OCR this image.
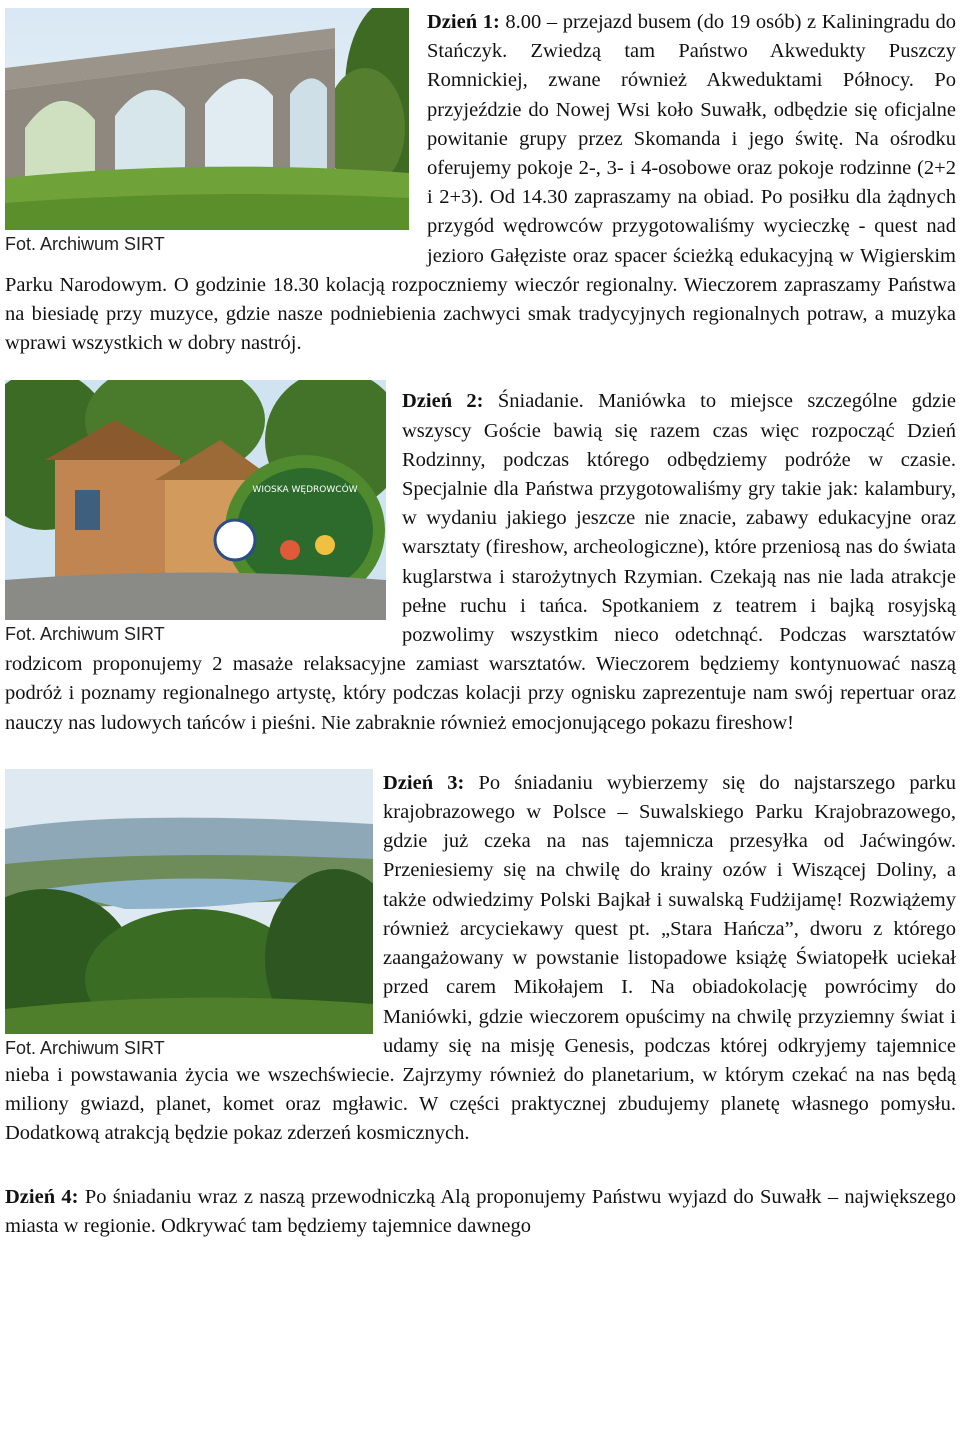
Fot. Archiwum SIRT

Dzień 1: 8.00 – przejazd busem (do 19 osób) z Kaliningradu do Stańczyk. Zwiedzą tam Państwo Akwedukty Puszczy Romnickiej, zwane również Akweduktami Północy. Po przyjeździe do Nowej Wsi koło Suwałk, odbędzie się oficjalne powitanie grupy przez Skomanda i jego świtę. Na ośrodku oferujemy pokoje 2-, 3- i 4-osobowe oraz pokoje rodzinne (2+2 i 2+3). Od 14.30 zapraszamy na obiad. Po posiłku dla żądnych przygód wędrowców przygotowaliśmy wycieczkę - quest nad jezioro Gałęziste oraz spacer ścieżką edukacyjną w Wigierskim Parku Narodowym. O godzinie 18.30 kolacją rozpoczniemy wieczór regionalny. Wieczorem zapraszamy Państwa na biesiadę przy muzyce, gdzie nasze podniebienia zachwyci smak tradycyjnych regionalnych potraw, a muzyka wprawi wszystkich w dobry nastrój.

WIOSKA WĘDROWCÓW
Fot. Archiwum SIRT

Dzień 2: Śniadanie. Maniówka to miejsce szczególne gdzie wszyscy Goście bawią się razem czas więc rozpocząć Dzień Rodzinny, podczas którego odbędziemy podróże w czasie. Specjalnie dla Państwa przygotowaliśmy gry takie jak: kalambury, w wydaniu jakiego jeszcze nie znacie, zabawy edukacyjne oraz warsztaty (fireshow, archeologiczne), które przeniosą nas do świata kuglarstwa i starożytnych Rzymian. Czekają nas nie lada atrakcje pełne ruchu i tańca. Spotkaniem z teatrem i bajką rosyjską pozwolimy wszystkim nieco odetchnąć. Podczas warsztatów rodzicom proponujemy 2 masaże relaksacyjne zamiast warsztatów. Wieczorem będziemy kontynuować naszą podróż i poznamy regionalnego artystę, który podczas kolacji przy ognisku zaprezentuje nam swój repertuar oraz nauczy nas ludowych tańców i pieśni. Nie zabraknie również emocjonującego pokazu fireshow!

Fot. Archiwum SIRT

Dzień 3: Po śniadaniu wybierzemy się do najstarszego parku krajobrazowego w Polsce – Suwalskiego Parku Krajobrazowego, gdzie już czeka na nas tajemnicza przesyłka od Jaćwingów. Przeniesiemy się na chwilę do krainy ozów i Wiszącej Doliny, a także odwiedzimy Polski Bajkał i suwalską Fudżijamę! Rozwiążemy również arcyciekawy quest pt. „Stara Hańcza”, dworu z którego zaangażowany w powstanie listopadowe książę Światopełk uciekał przed carem Mikołajem I. Na obiadokolację powrócimy do Maniówki, gdzie wieczorem opuścimy na chwilę przyziemny świat i udamy się na misję Genesis, podczas której odkryjemy tajemnice nieba i powstawania życia we wszechświecie. Zajrzymy również do planetarium, w którym czekać na nas będą miliony gwiazd, planet, komet oraz mgławic. W części praktycznej zbudujemy planetę własnego pomysłu. Dodatkową atrakcją będzie pokaz zderzeń kosmicznych.

Dzień 4: Po śniadaniu wraz z naszą przewodniczką Alą proponujemy Państwu wyjazd do Suwałk – największego miasta w regionie. Odkrywać tam będziemy tajemnice dawnego
